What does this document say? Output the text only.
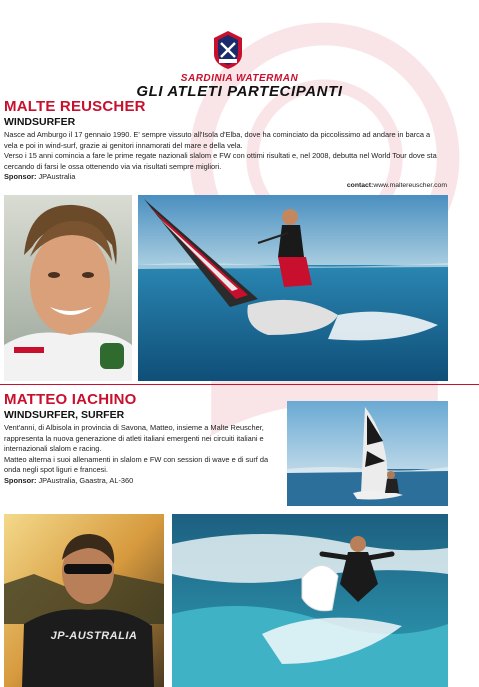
SARDINIA WATERMAN
GLI ATLETI PARTECIPANTI
MALTE REUSCHER
WINDSURFER

Nasce ad Amburgo il 17 gennaio 1990. E' sempre vissuto all'Isola d'Elba, dove ha cominciato da piccolissimo ad andare in barca a vela e poi in wind-surf, grazie ai genitori innamorati del mare e della vela.

Verso i 15 anni comincia a fare le prime regate nazionali slalom e FW con ottimi risultati e, nel 2008, debutta nel World Tour dove sta cercando di farsi le ossa ottenendo via via risultati sempre migliori.

Sponsor: JPAustralia

contact:www.maltereuscher.com
MATTEO IACHINO
WINDSURFER, SURFER

Vent'anni, di Albisola in provincia di Savona, Matteo, insieme a Malte Reuscher, rappresenta la nuova generazione di atleti italiani emergenti nei circuiti italiani e internazionali slalom e racing.

Matteo alterna i suoi allenamenti in slalom e FW con session di wave e di surf da onda negli spot liguri e francesi.

Sponsor: JPAustralia, Gaastra, AL-360

JP-AUSTRALIA
